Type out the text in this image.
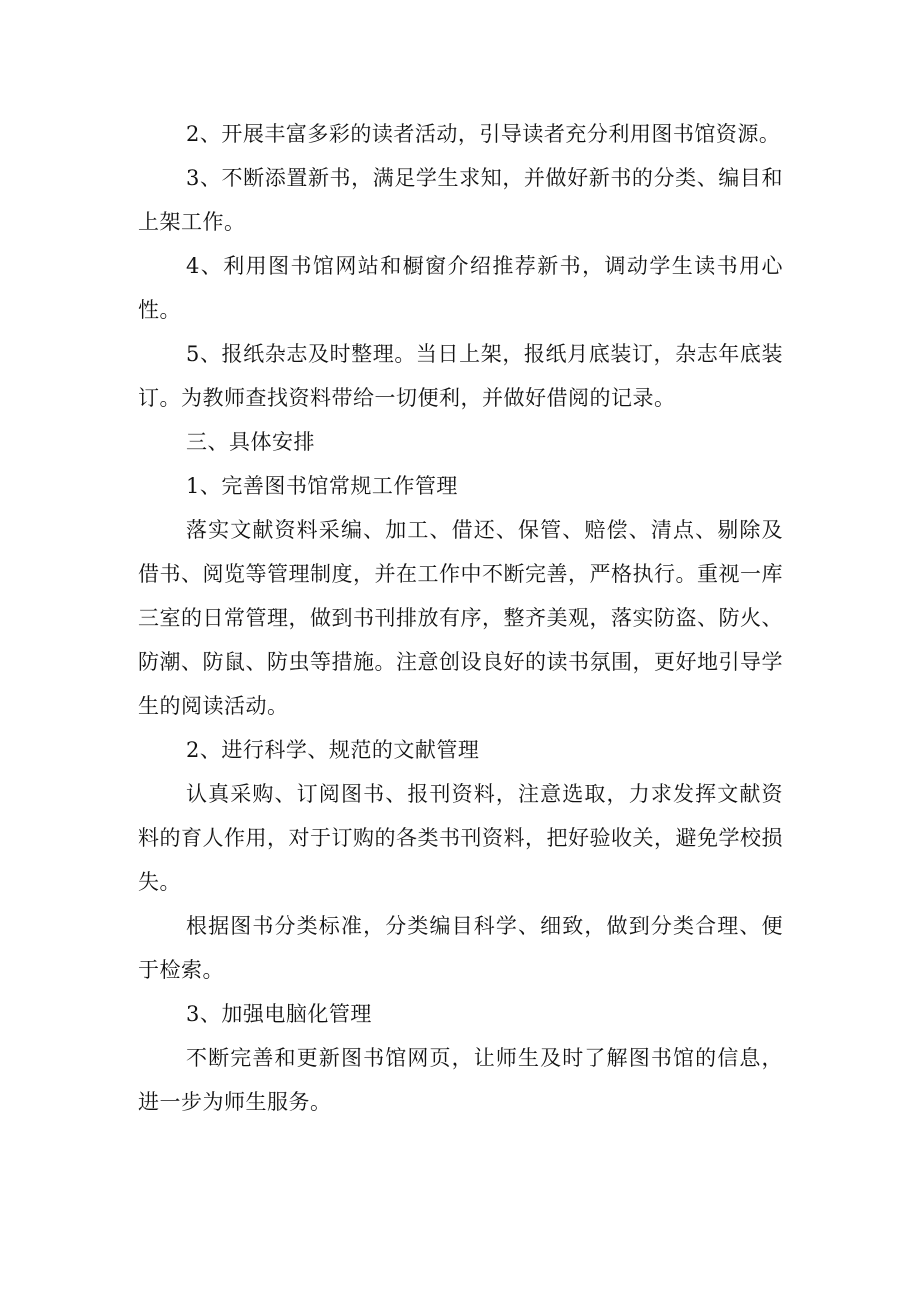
2、开展丰富多彩的读者活动，引导读者充分利用图书馆资源。

3、不断添置新书，满足学生求知，并做好新书的分类、编目和上架工作。

4、利用图书馆网站和橱窗介绍推荐新书，调动学生读书用心性。

5、报纸杂志及时整理。当日上架，报纸月底装订，杂志年底装订。为教师查找资料带给一切便利，并做好借阅的记录。

三、具体安排

1、完善图书馆常规工作管理

落实文献资料采编、加工、借还、保管、赔偿、清点、剔除及借书、阅览等管理制度，并在工作中不断完善，严格执行。重视一库三室的日常管理，做到书刊排放有序，整齐美观，落实防盗、防火、防潮、防鼠、防虫等措施。注意创设良好的读书氛围，更好地引导学生的阅读活动。

2、进行科学、规范的文献管理

认真采购、订阅图书、报刊资料，注意选取，力求发挥文献资料的育人作用，对于订购的各类书刊资料，把好验收关，避免学校损失。

根据图书分类标准，分类编目科学、细致，做到分类合理、便于检索。

3、加强电脑化管理

不断完善和更新图书馆网页，让师生及时了解图书馆的信息，进一步为师生服务。
